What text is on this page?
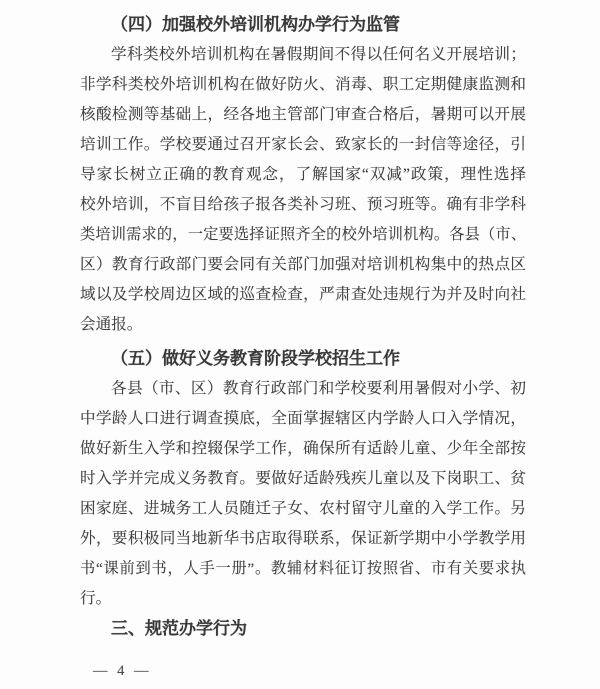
（四）加强校外培训机构办学行为监管
学科类校外培训机构在暑假期间不得以任何名义开展培训；
非学科类校外培训机构在做好防火、消毒、职工定期健康监测和
核酸检测等基础上，经各地主管部门审查合格后，暑期可以开展
培训工作。学校要通过召开家长会、致家长的一封信等途径，引
导家长树立正确的教育观念，了解国家“双减”政策，理性选择
校外培训，不盲目给孩子报各类补习班、预习班等。确有非学科
类培训需求的，一定要选择证照齐全的校外培训机构。各县（市、
区）教育行政部门要会同有关部门加强对培训机构集中的热点区
域以及学校周边区域的巡查检查，严肃查处违规行为并及时向社
会通报。
（五）做好义务教育阶段学校招生工作
各县（市、区）教育行政部门和学校要利用暑假对小学、初
中学龄人口进行调查摸底，全面掌握辖区内学龄人口入学情况，
做好新生入学和控辍保学工作，确保所有适龄儿童、少年全部按
时入学并完成义务教育。要做好适龄残疾儿童以及下岗职工、贫
困家庭、进城务工人员随迁子女、农村留守儿童的入学工作。另
外，要积极同当地新华书店取得联系，保证新学期中小学教学用
书“课前到书，人手一册”。教辅材料征订按照省、市有关要求执
行。
三、规范办学行为
— 4 —
